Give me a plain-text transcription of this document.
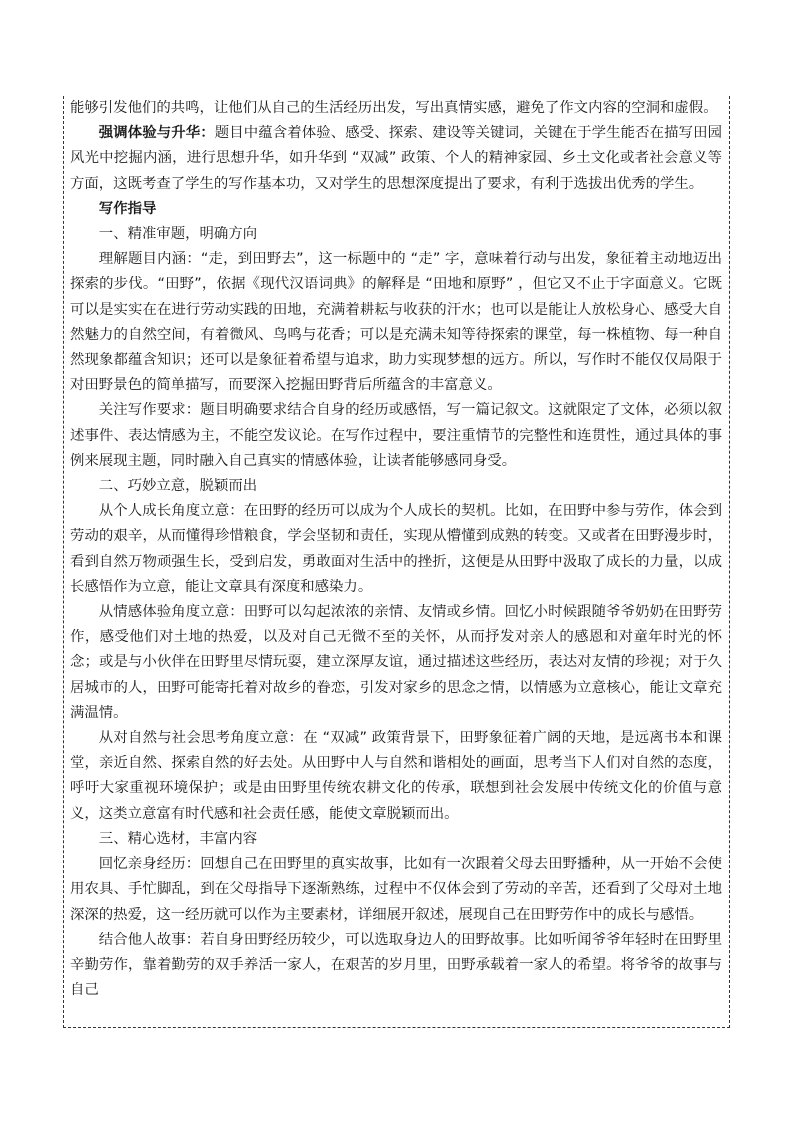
能够引发他们的共鸣，让他们从自己的生活经历出发，写出真情实感，避免了作文内容的空洞和虚假。

强调体验与升华：题目中蕴含着体验、感受、探索、建设等关键词，关键在于学生能否在描写田园风光中挖掘内涵，进行思想升华，如升华到 “双减” 政策、个人的精神家园、乡土文化或者社会意义等方面，这既考查了学生的写作基本功，又对学生的思想深度提出了要求，有利于选拔出优秀的学生。

写作指导

一、精准审题，明确方向

理解题目内涵：“走，到田野去”，这一标题中的 “走” 字，意味着行动与出发，象征着主动地迈出探索的步伐。“田野”，依据《现代汉语词典》的解释是 “田地和原野” ，但它又不止于字面意义。它既可以是实实在在进行劳动实践的田地，充满着耕耘与收获的汗水；也可以是能让人放松身心、感受大自然魅力的自然空间，有着微风、鸟鸣与花香；可以是充满未知等待探索的课堂，每一株植物、每一种自然现象都蕴含知识；还可以是象征着希望与追求，助力实现梦想的远方。所以，写作时不能仅仅局限于对田野景色的简单描写，而要深入挖掘田野背后所蕴含的丰富意义。

关注写作要求：题目明确要求结合自身的经历或感悟，写一篇记叙文。这就限定了文体，必须以叙述事件、表达情感为主，不能空发议论。在写作过程中，要注重情节的完整性和连贯性，通过具体的事例来展现主题，同时融入自己真实的情感体验，让读者能够感同身受。

二、巧妙立意，脱颖而出

从个人成长角度立意：在田野的经历可以成为个人成长的契机。比如，在田野中参与劳作，体会到劳动的艰辛，从而懂得珍惜粮食，学会坚韧和责任，实现从懵懂到成熟的转变。又或者在田野漫步时，看到自然万物顽强生长，受到启发，勇敢面对生活中的挫折，这便是从田野中汲取了成长的力量，以成长感悟作为立意，能让文章具有深度和感染力。

从情感体验角度立意：田野可以勾起浓浓的亲情、友情或乡情。回忆小时候跟随爷爷奶奶在田野劳作，感受他们对土地的热爱，以及对自己无微不至的关怀，从而抒发对亲人的感恩和对童年时光的怀念；或是与小伙伴在田野里尽情玩耍，建立深厚友谊，通过描述这些经历，表达对友情的珍视；对于久居城市的人，田野可能寄托着对故乡的眷恋，引发对家乡的思念之情，以情感为立意核心，能让文章充满温情。

从对自然与社会思考角度立意：在 “双减” 政策背景下，田野象征着广阔的天地，是远离书本和课堂，亲近自然、探索自然的好去处。从田野中人与自然和谐相处的画面，思考当下人们对自然的态度，呼吁大家重视环境保护；或是由田野里传统农耕文化的传承，联想到社会发展中传统文化的价值与意义，这类立意富有时代感和社会责任感，能使文章脱颖而出。

三、精心选材，丰富内容

回忆亲身经历：回想自己在田野里的真实故事，比如有一次跟着父母去田野播种，从一开始不会使用农具、手忙脚乱，到在父母指导下逐渐熟练，过程中不仅体会到了劳动的辛苦，还看到了父母对土地深深的热爱，这一经历就可以作为主要素材，详细展开叙述，展现自己在田野劳作中的成长与感悟。

结合他人故事：若自身田野经历较少，可以选取身边人的田野故事。比如听闻爷爷年轻时在田野里辛勤劳作，靠着勤劳的双手养活一家人，在艰苦的岁月里，田野承载着一家人的希望。将爷爷的故事与自己
